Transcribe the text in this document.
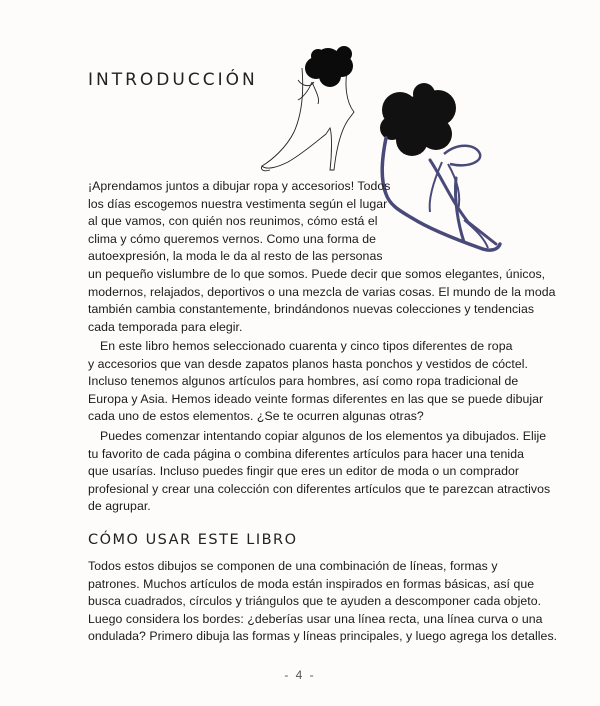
INTRODUCCIÓN
¡Aprendamos juntos a dibujar ropa y accesorios! Todos
los días escogemos nuestra vestimenta según el lugar
al que vamos, con quién nos reunimos, cómo está el
clima y cómo queremos vernos. Como una forma de
autoexpresión, la moda le da al resto de las personas
un pequeño vislumbre de lo que somos. Puede decir que somos elegantes, únicos,
modernos, relajados, deportivos o una mezcla de varias cosas. El mundo de la moda
también cambia constantemente, brindándonos nuevas colecciones y tendencias
cada temporada para elegir.
En este libro hemos seleccionado cuarenta y cinco tipos diferentes de ropa
y accesorios que van desde zapatos planos hasta ponchos y vestidos de cóctel.
Incluso tenemos algunos artículos para hombres, así como ropa tradicional de
Europa y Asia. Hemos ideado veinte formas diferentes en las que se puede dibujar
cada uno de estos elementos. ¿Se te ocurren algunas otras?
Puedes comenzar intentando copiar algunos de los elementos ya dibujados. Elije
tu favorito de cada página o combina diferentes artículos para hacer una tenida
que usarías. Incluso puedes fingir que eres un editor de moda o un comprador
profesional y crear una colección con diferentes artículos que te parezcan atractivos
de agrupar.
CÓMO USAR ESTE LIBRO
Todos estos dibujos se componen de una combinación de líneas, formas y
patrones. Muchos artículos de moda están inspirados en formas básicas, así que
busca cuadrados, círculos y triángulos que te ayuden a descomponer cada objeto.
Luego considera los bordes: ¿deberías usar una línea recta, una línea curva o una
ondulada? Primero dibuja las formas y líneas principales, y luego agrega los detalles.
- 4 -
